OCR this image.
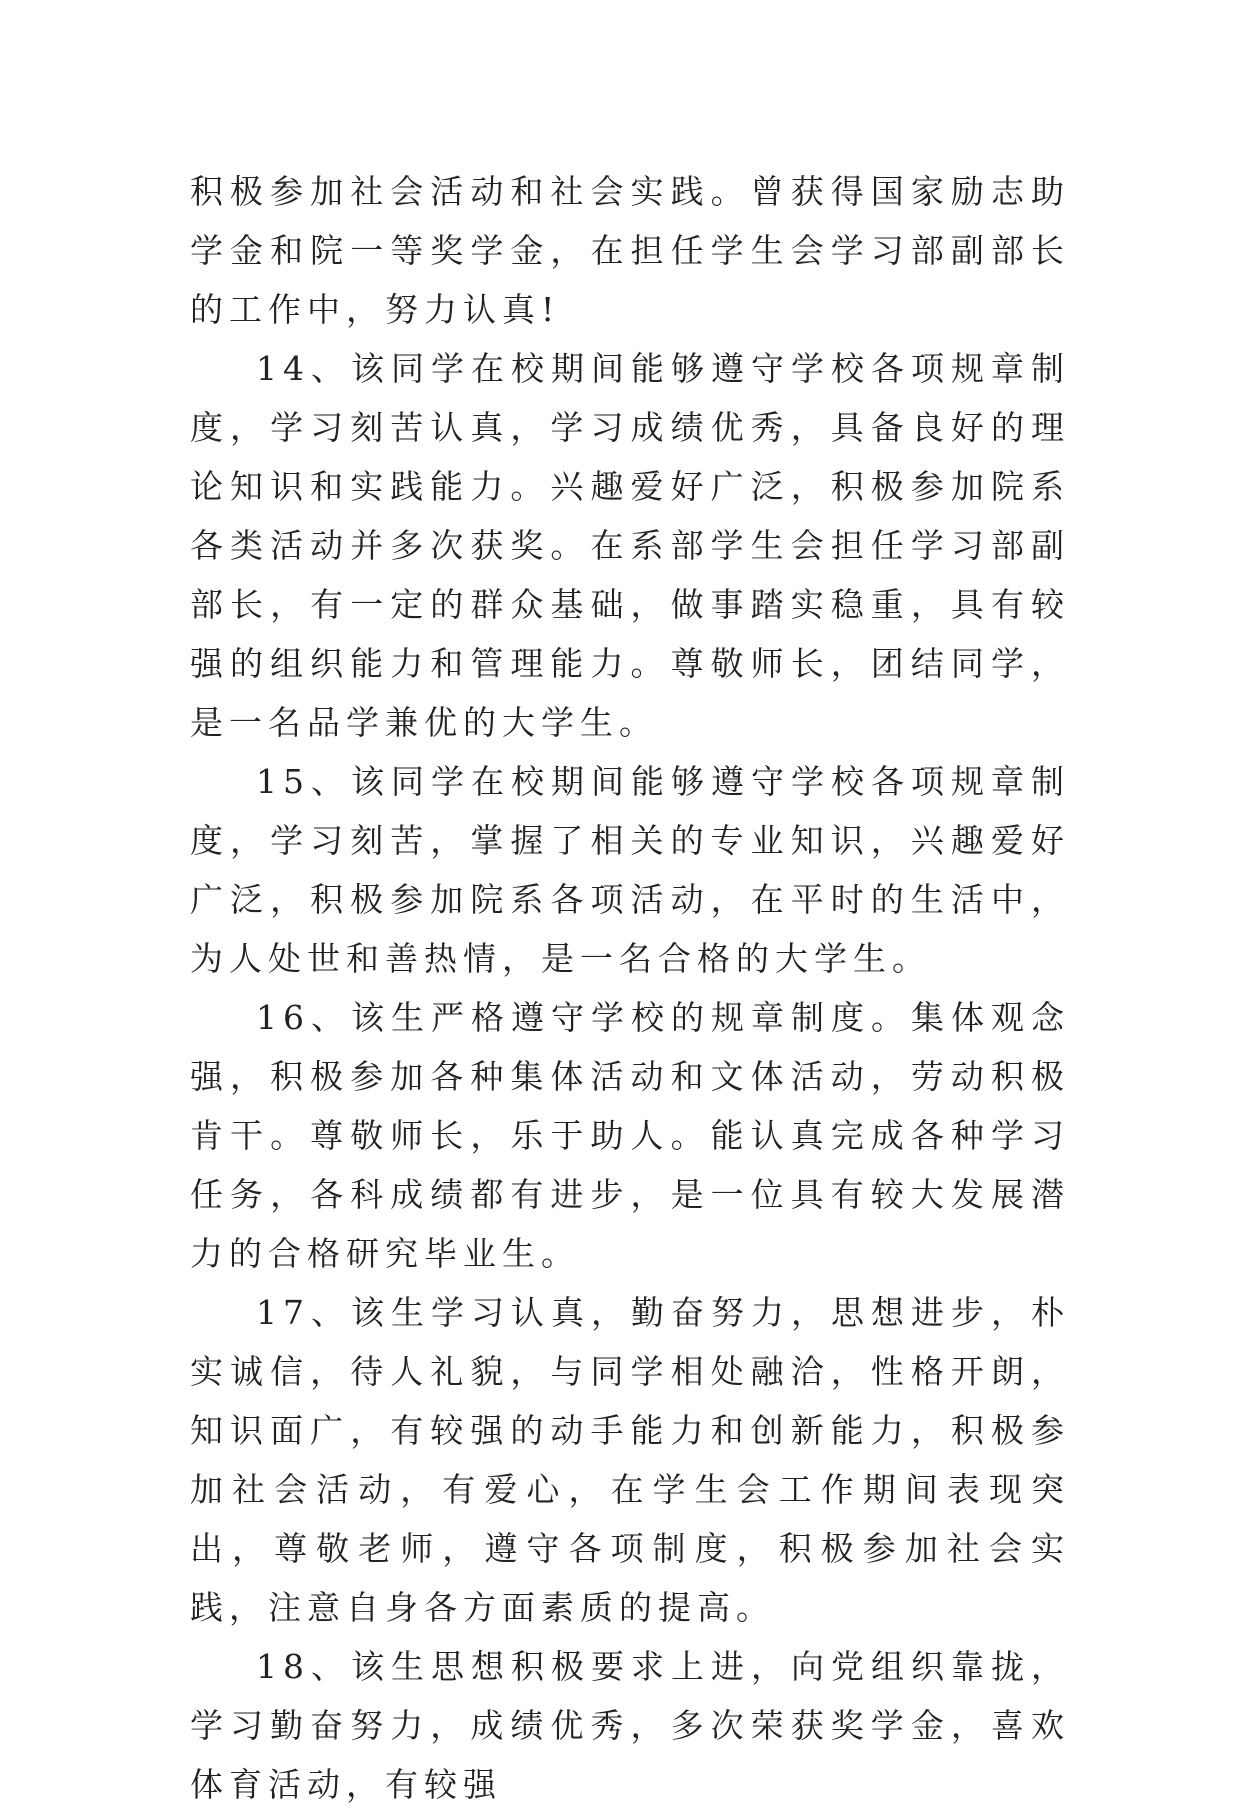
积极参加社会活动和社会实践。曾获得国家励志助学金和院一等奖学金，在担任学生会学习部副部长的工作中，努力认真!

14、该同学在校期间能够遵守学校各项规章制度，学习刻苦认真，学习成绩优秀，具备良好的理论知识和实践能力。兴趣爱好广泛，积极参加院系各类活动并多次获奖。在系部学生会担任学习部副部长，有一定的群众基础，做事踏实稳重，具有较强的组织能力和管理能力。尊敬师长，团结同学，是一名品学兼优的大学生。

15、该同学在校期间能够遵守学校各项规章制度，学习刻苦，掌握了相关的专业知识，兴趣爱好广泛，积极参加院系各项活动，在平时的生活中，为人处世和善热情，是一名合格的大学生。

16、该生严格遵守学校的规章制度。集体观念强，积极参加各种集体活动和文体活动，劳动积极肯干。尊敬师长，乐于助人。能认真完成各种学习任务，各科成绩都有进步，是一位具有较大发展潜力的合格研究毕业生。

17、该生学习认真，勤奋努力，思想进步，朴实诚信，待人礼貌，与同学相处融洽，性格开朗，知识面广，有较强的动手能力和创新能力，积极参加社会活动，有爱心，在学生会工作期间表现突出，尊敬老师，遵守各项制度，积极参加社会实践，注意自身各方面素质的提高。

18、该生思想积极要求上进，向党组织靠拢，学习勤奋努力，成绩优秀，多次荣获奖学金，喜欢体育活动，有较强
